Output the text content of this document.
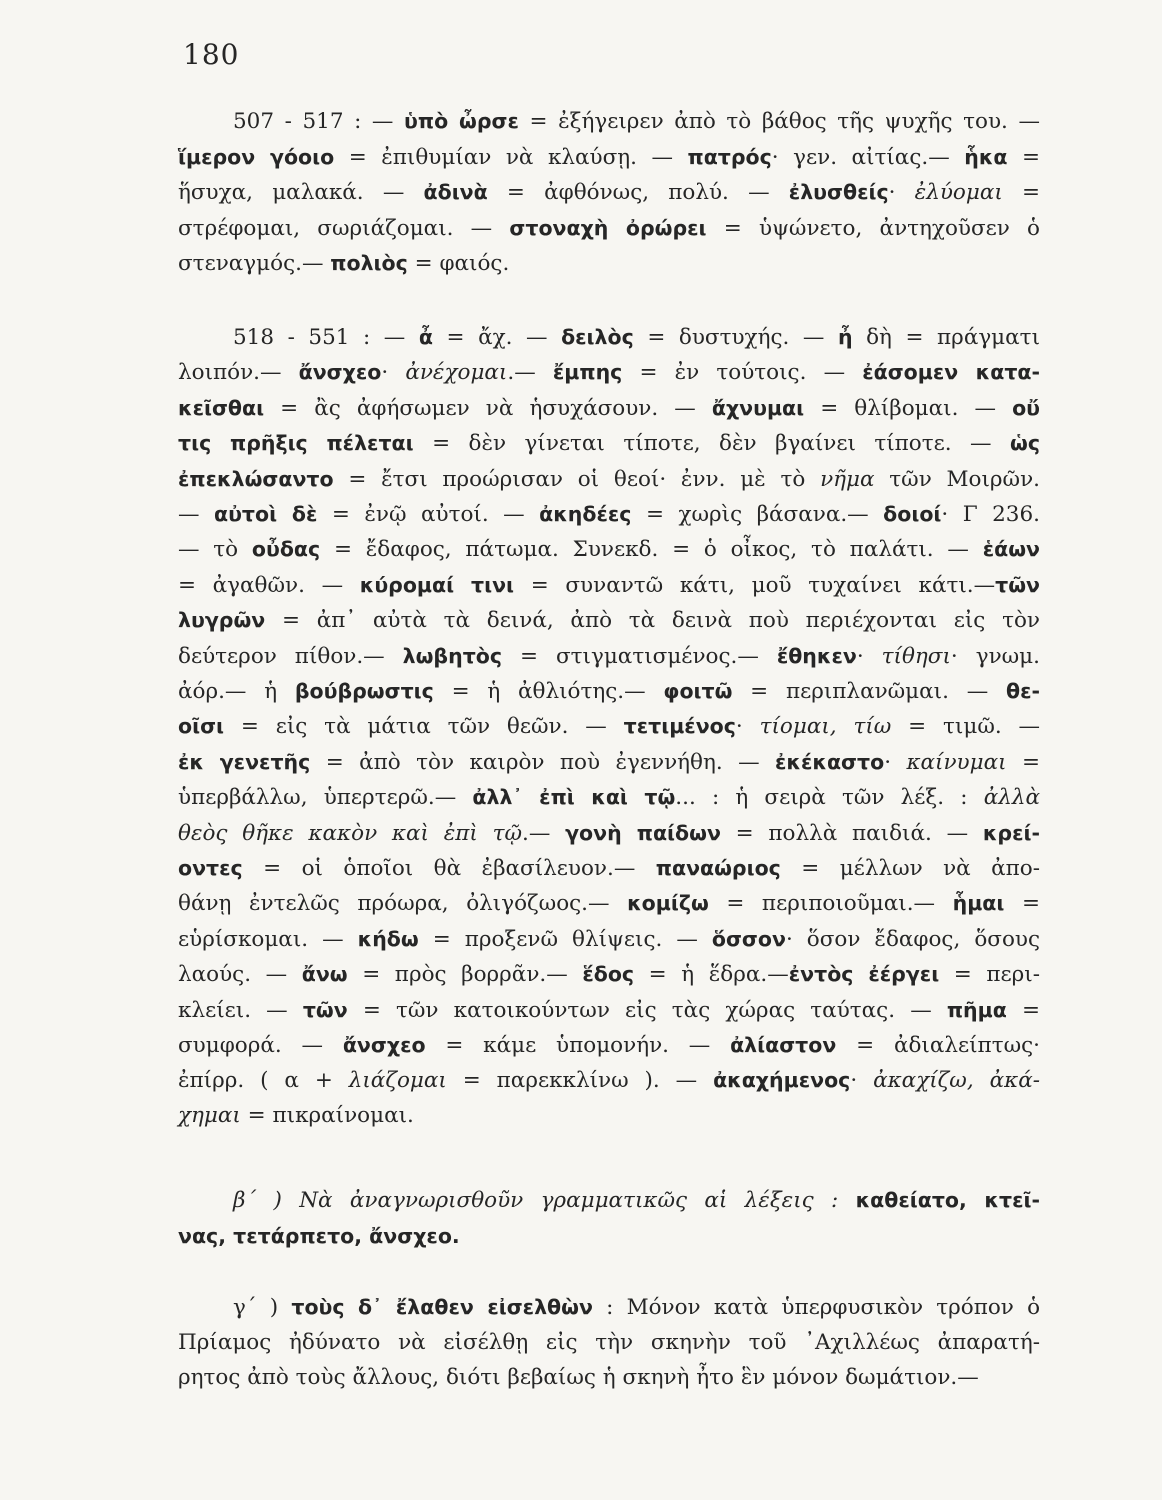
180
507 - 517 : — ὑπὸ ὦρσε = ἐξήγειρεν ἀπὸ τὸ βάθος τῆς ψυχῆς του. —
ἵμερον γόοιο = ἐπιθυμίαν νὰ κλαύσῃ. — πατρός· γεν. αἰτίας.— ἧκα =
ἥσυχα, μαλακά. — ἀδινὰ = ἀφθόνως, πολύ. — ἐλυσθείς· ἐλύομαι =
στρέφομαι, σωριάζομαι. — στοναχὴ ὀρώρει = ὑψώνετο, ἀντηχοῦσεν ὁ
στεναγμός.— πολιὸς = φαιός.
518 - 551 : — ἆ = ἄχ. — δειλὸς = δυστυχής. — ἦ δὴ = πράγματι
λοιπόν.— ἄνσχεο· ἀνέχομαι.— ἔμπης = ἐν τούτοις. — ἐάσομεν κατα-
κεῖσθαι = ἂς ἀφήσωμεν νὰ ἡσυχάσουν. — ἄχνυμαι = θλίβομαι. — οὔ
τις πρῆξις πέλεται = δὲν γίνεται τίποτε, δὲν βγαίνει τίποτε. — ὡς
ἐπεκλώσαντο = ἔτσι προώρισαν οἱ θεοί· ἐνν. μὲ τὸ νῆμα τῶν Μοιρῶν.
— αὐτοὶ δὲ = ἐνῷ αὐτοί. — ἀκηδέες = χωρὶς βάσανα.— δοιοί· Γ 236.
— τὸ οὖδας = ἔδαφος, πάτωμα. Συνεκδ. = ὁ οἶκος, τὸ παλάτι. — ἑάων
= ἀγαθῶν. — κύρομαί τινι = συναντῶ κάτι, μοῦ τυχαίνει κάτι.—τῶν
λυγρῶν = ἀπ᾽ αὐτὰ τὰ δεινά, ἀπὸ τὰ δεινὰ ποὺ περιέχονται εἰς τὸν
δεύτερον πίθον.— λωβητὸς = στιγματισμένος.— ἔθηκεν· τίθησι· γνωμ.
ἀόρ.— ἡ βούβρωστις = ἡ ἀθλιότης.— φοιτῶ = περιπλανῶμαι. — θε-
οῖσι = εἰς τὰ μάτια τῶν θεῶν. — τετιμένος· τίομαι, τίω = τιμῶ. —
ἐκ γενετῆς = ἀπὸ τὸν καιρὸν ποὺ ἐγεννήθη. — ἐκέκαστο· καίνυμαι =
ὑπερβάλλω, ὑπερτερῶ.— ἀλλ᾽ ἐπὶ καὶ τῷ... : ἡ σειρὰ τῶν λέξ. : ἀλλὰ
θεὸς θῆκε κακὸν καὶ ἐπὶ τῷ.— γονὴ παίδων = πολλὰ παιδιά. — κρεί-
οντες = οἱ ὁποῖοι θὰ ἐβασίλευον.— παναώριος = μέλλων νὰ ἀπο-
θάνῃ ἐντελῶς πρόωρα, ὀλιγόζωος.— κομίζω = περιποιοῦμαι.— ἧμαι =
εὑρίσκομαι. — κήδω = προξενῶ θλίψεις. — ὅσσον· ὅσον ἔδαφος, ὅσους
λαούς. — ἄνω = πρὸς βορρᾶν.— ἕδος = ἡ ἕδρα.—ἐντὸς ἐέργει = περι-
κλείει. — τῶν = τῶν κατοικούντων εἰς τὰς χώρας ταύτας. — πῆμα =
συμφορά. — ἄνσχεο = κάμε ὑπομονήν. — ἀλίαστον = ἀδιαλείπτως·
ἐπίρρ. ( α + λιάζομαι = παρεκκλίνω ). — ἀκαχήμενος· ἀκαχίζω, ἀκά-
χημαι = πικραίνομαι.
β΄ ) Νὰ ἀναγνωρισθοῦν γραμματικῶς αἱ λέξεις : καθείατο, κτεῖ-
νας, τετάρπετο, ἄνσχεο.
γ΄ ) τοὺς δ᾽ ἔλαθεν εἰσελθὼν : Μόνον κατὰ ὑπερφυσικὸν τρόπον ὁ
Πρίαμος ἠδύνατο νὰ εἰσέλθῃ εἰς τὴν σκηνὴν τοῦ ᾿Αχιλλέως ἀπαρατή-
ρητος ἀπὸ τοὺς ἄλλους, διότι βεβαίως ἡ σκηνὴ ἦτο ἓν μόνον δωμάτιον.—
